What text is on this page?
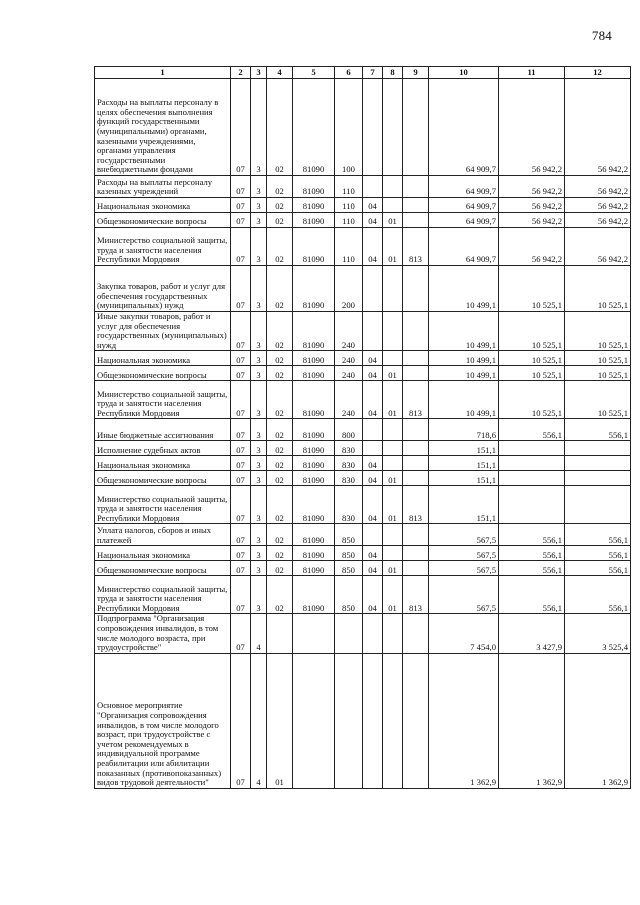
784
1	2	3	4	5	6	7	8	9	10	11	12

Расходы на выплаты персоналу в целях обеспечения выполнения функций государственными (муниципальными) органами, казенными учреждениями, органами управления государственными внебюджетными фондами	07	3	02	81090	100				64 909,7	56 942,2	56 942,2

Расходы на выплаты персоналу казенных учреждений	07	3	02	81090	110				64 909,7	56 942,2	56 942,2

Национальная экономика	07	3	02	81090	110	04			64 909,7	56 942,2	56 942,2

Общеэкономические вопросы	07	3	02	81090	110	04	01		64 909,7	56 942,2	56 942,2

Министерство социальной защиты, труда и занятости населения Республики Мордовия	07	3	02	81090	110	04	01	813	64 909,7	56 942,2	56 942,2

Закупка товаров, работ и услуг для обеспечения государственных (муниципальных) нужд	07	3	02	81090	200				10 499,1	10 525,1	10 525,1

Иные закупки товаров, работ и услуг для обеспечения государственных (муниципальных) нужд	07	3	02	81090	240				10 499,1	10 525,1	10 525,1

Национальная экономика	07	3	02	81090	240	04			10 499,1	10 525,1	10 525,1

Общеэкономические вопросы	07	3	02	81090	240	04	01		10 499,1	10 525,1	10 525,1

Министерство социальной защиты, труда и занятости населения Республики Мордовия	07	3	02	81090	240	04	01	813	10 499,1	10 525,1	10 525,1

Иные бюджетные ассигнования	07	3	02	81090	800				718,6	556,1	556,1

Исполнение судебных актов	07	3	02	81090	830				151,1		

Национальная экономика	07	3	02	81090	830	04			151,1		

Общеэкономические вопросы	07	3	02	81090	830	04	01		151,1		

Министерство социальной защиты, труда и занятости населения Республики Мордовия	07	3	02	81090	830	04	01	813	151,1		

Уплата налогов, сборов и иных платежей	07	3	02	81090	850				567,5	556,1	556,1

Национальная экономика	07	3	02	81090	850	04			567,5	556,1	556,1

Общеэкономические вопросы	07	3	02	81090	850	04	01		567,5	556,1	556,1

Министерство социальной защиты, труда и занятости населения Республики Мордовия	07	3	02	81090	850	04	01	813	567,5	556,1	556,1

Подпрограмма "Организация сопровождения инвалидов, в том числе молодого возраста, при трудоустройстве"	07	4							7 454,0	3 427,9	3 525,4

Основное мероприятие "Организация сопровождения инвалидов, в том числе молодого возраст, при трудоустройстве с учетом рекомендуемых в индивидуальной программе реабилитации или абилитации показанных (противопоказанных) видов трудовой деятельности"	07	4	01						1 362,9	1 362,9	1 362,9
